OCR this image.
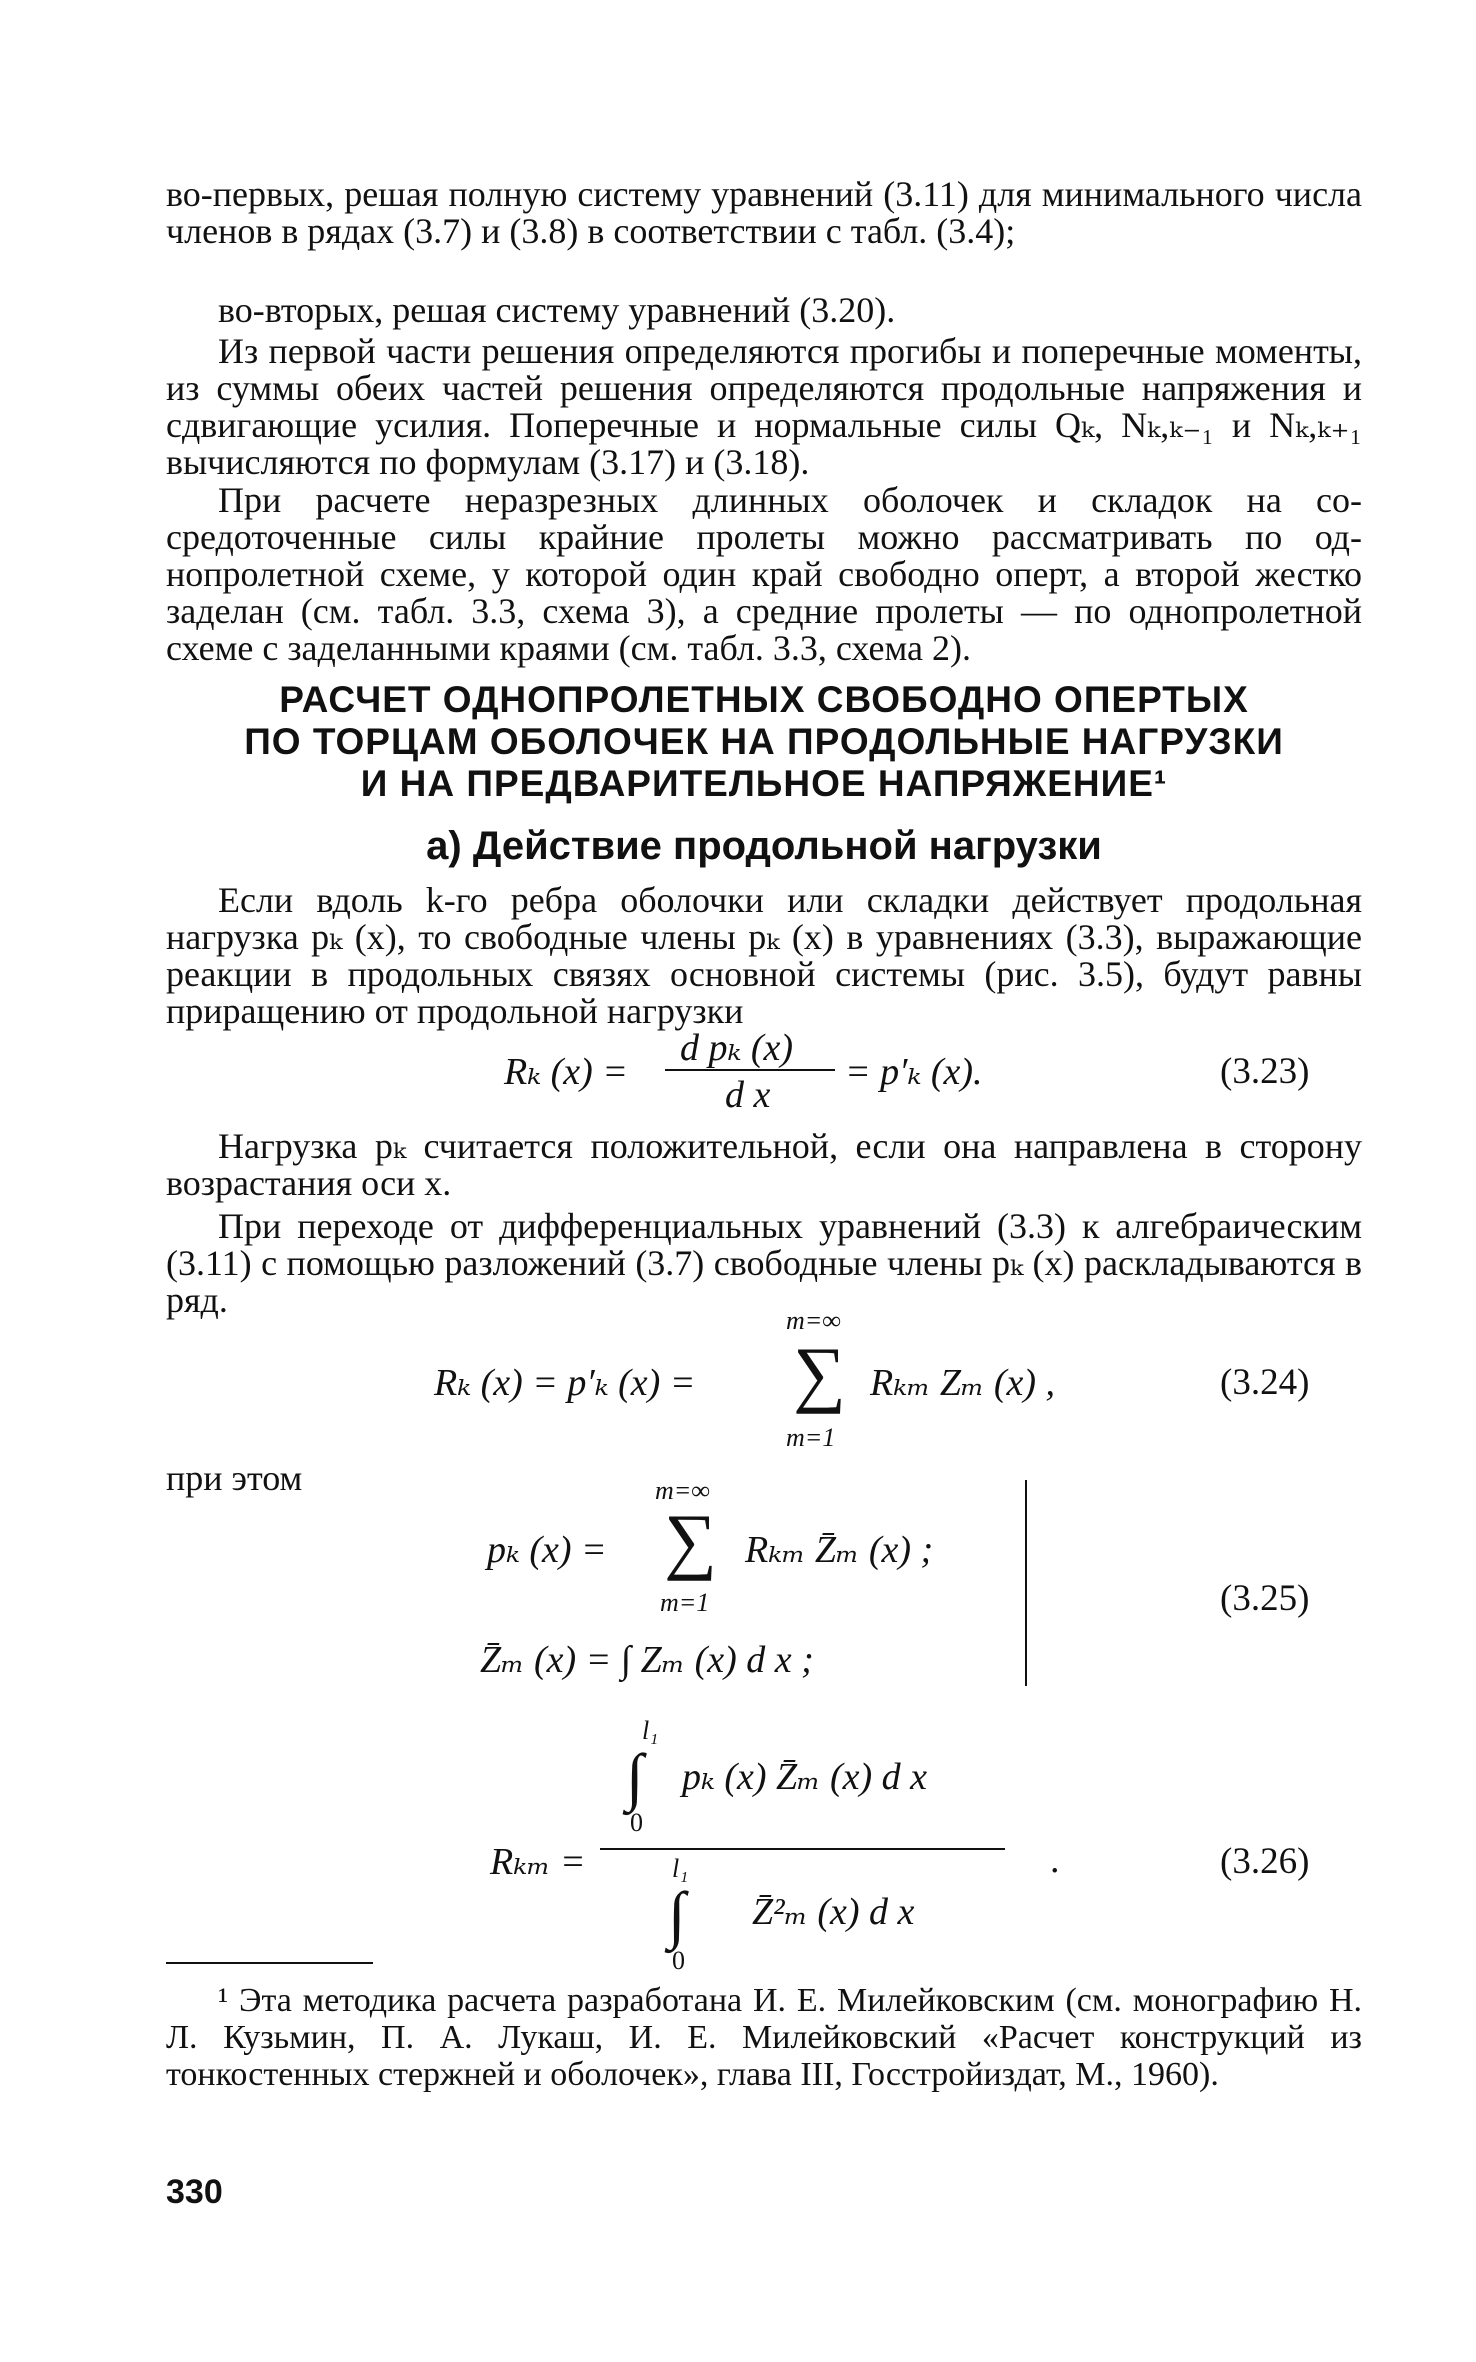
во-первых, решая полную систему уравнений (3.11) для минимального числа членов в рядах (3.7) и (3.8) в соответствии с табл. (3.4);
во-вторых, решая систему уравнений (3.20).
Из первой части решения определяются прогибы и поперечные моменты, из суммы обеих частей решения определяются продольные напряжения и сдвигающие усилия. Поперечные и нормальные силы Qₖ, Nₖ,ₖ₋₁ и Nₖ,ₖ₊₁ вычисляются по формулам (3.17) и (3.18).
При расчете неразрезных длинных оболочек и складок на сосредоточенные силы крайние пролеты можно рассматривать по однопролетной схеме, у которой один край свободно оперт, а второй жестко заделан (см. табл. 3.3, схема 3), а средние пролеты — по однопролетной схеме с заделанными краями (см. табл. 3.3, схема 2).
РАСЧЕТ ОДНОПРОЛЕТНЫХ СВОБОДНО ОПЕРТЫХ
ПО ТОРЦАМ ОБОЛОЧЕК НА ПРОДОЛЬНЫЕ НАГРУЗКИ
И НА ПРЕДВАРИТЕЛЬНОЕ НАПРЯЖЕНИЕ¹
а) Действие продольной нагрузки
Если вдоль k-го ребра оболочки или складки действует продольная нагрузка pₖ (x), то свободные члены pₖ (x) в уравнениях (3.3), выражающие реакции в продольных связях основной системы (рис. 3.5), будут равны приращению от продольной нагрузки
Rₖ (x) =
d pₖ (x)
d x
= p′ₖ (x).	(3.23)
Нагрузка pₖ считается положительной, если она направлена в сторону возрастания оси x.
При переходе от дифференциальных уравнений (3.3) к алгебраическим (3.11) с помощью разложений (3.7) свободные члены pₖ (x) раскладываются в ряд.
Rₖ (x) = p′ₖ (x) =
m=∞
∑
m=1
Rₖₘ Zₘ (x) ,	(3.24)
при этом
pₖ (x) =
m=∞
∑
m=1
Rₖₘ Z̄ₘ (x) ;
Z̄ₘ (x) = ∫ Zₘ (x) d x ;
(3.25)
Rₖₘ =
l₁
∫
0
pₖ (x) Z̄ₘ (x) d x
l₁
∫
0
Z̄²ₘ (x) d x
.	(3.26)
¹ Эта методика расчета разработана И. Е. Милейковским (см. монографию Н. Л. Кузьмин, П. А. Лукаш, И. Е. Милейковский «Расчет конструкций из тонкостенных стержней и оболочек», глава III, Госстройиздат, М., 1960).
330
